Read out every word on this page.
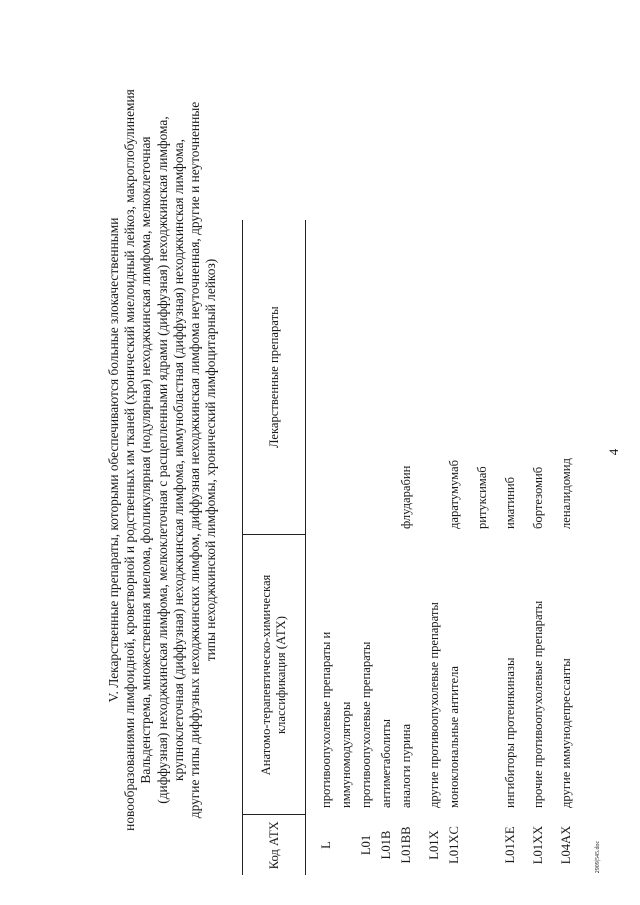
4
2909|545.doc
V. Лекарственные препараты, которыми обеспечиваются больные злокачественными новообразованиями лимфоидной, кроветворной и родственных им тканей (хронический миелоидный лейкоз, макроглобулинемия Вальденстрема, множественная миелома, фолликулярная (нодулярная) неходжкинская лимфома, мелкоклеточная (диффузная) неходжкинская лимфома, мелкоклеточная с расщепленными ядрами (диффузная) неходжкинская лимфома, крупноклеточная (диффузная) неходжкинская лимфома, иммунобластная (диффузная) неходжкинская лимфома, другие типы диффузных неходжкинских лимфом, диффузная неходжкинская лимфома неуточненная, другие и неуточненные типы неходжкинской лимфомы, хронический лимфоцитарный лейкоз)
Код АТХ	Анатомо-терапевтическо-химическая классификация (АТХ)	Лекарственные препараты
L	противоопухолевые препараты и иммуномодуляторы	
L01	противоопухолевые препараты	
L01B	антиметаболиты	
L01BB	аналоги пурина	флударабин

L01X	другие противоопухолевые препараты	
L01XC	моноклональные антитела	даратумумаб ритуксимаб

L01XE	ингибиторы протеинкиназы	иматиниб

L01XX	прочие противоопухолевые препараты	бортезомиб

L04AX	другие иммунодепрессанты	леналидомид
